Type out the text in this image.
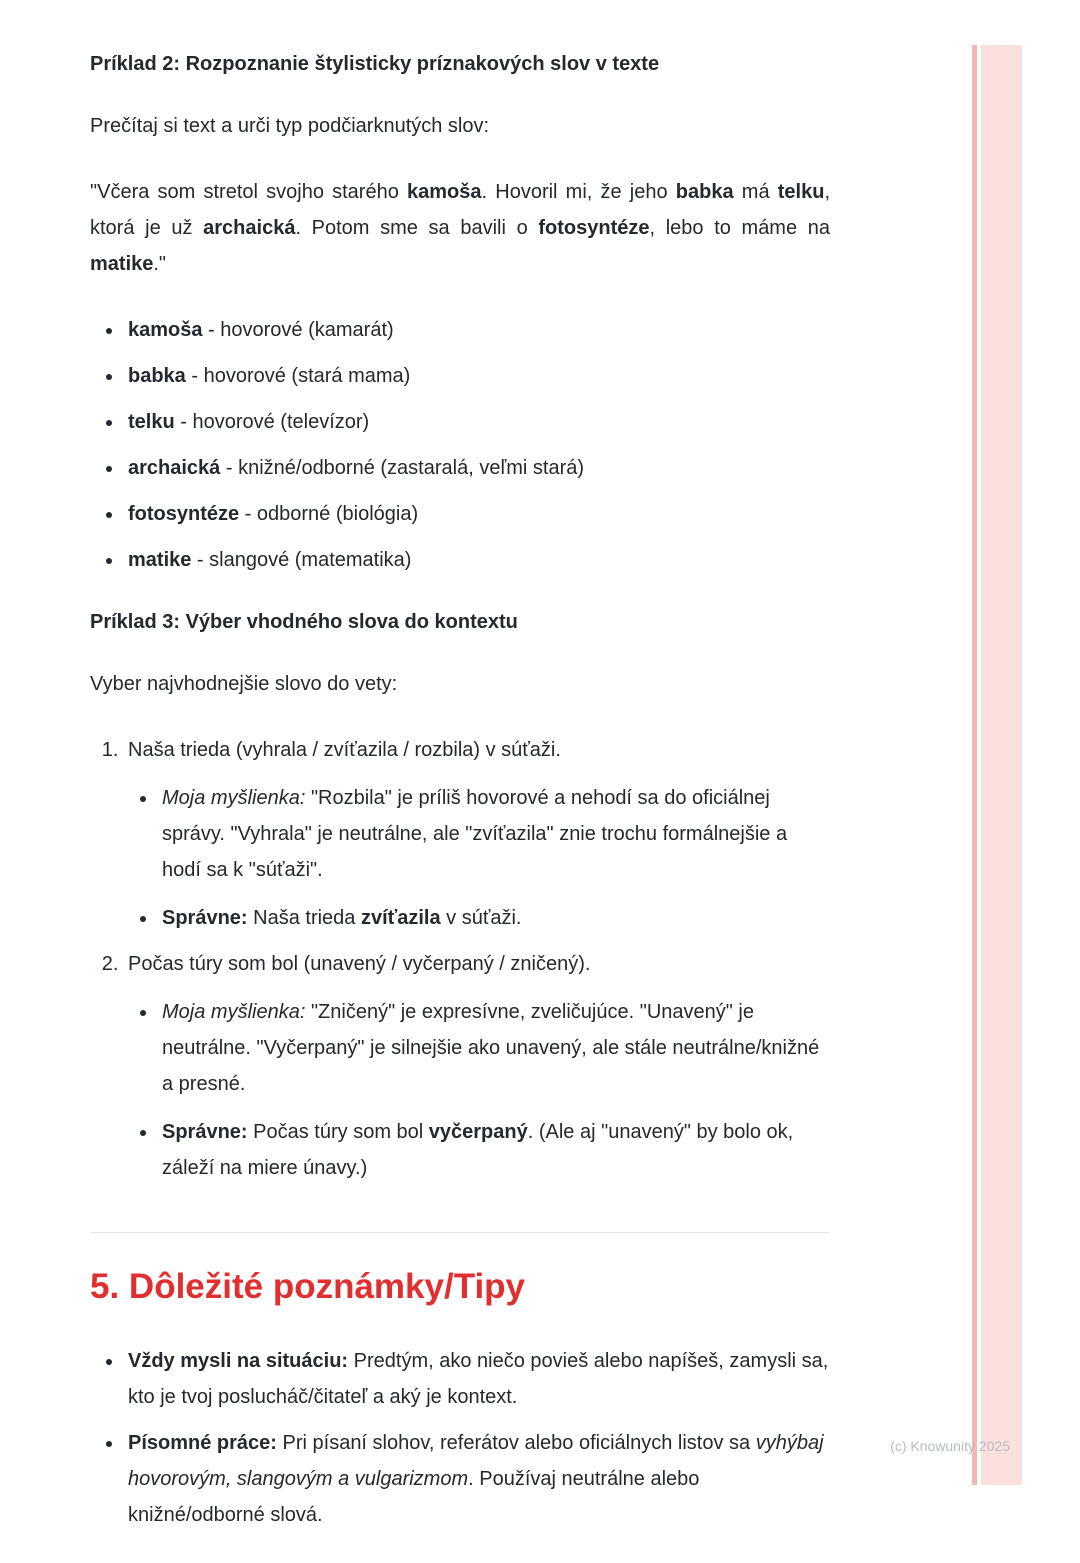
Príklad 2: Rozpoznanie štylisticky príznakových slov v texte

Prečítaj si text a urči typ podčiarknutých slov:

"Včera som stretol svojho starého kamoša. Hovoril mi, že jeho babka má telku, ktorá je už archaická. Potom sme sa bavili o fotosyntéze, lebo to máme na matike."

• kamoša - hovorové (kamarát)
• babka - hovorové (stará mama)
• telku - hovorové (televízor)
• archaická - knižné/odborné (zastaralá, veľmi stará)
• fotosyntéze - odborné (biológia)
• matike - slangové (matematika)
Príklad 3: Výber vhodného slova do kontextu

Vyber najvhodnejšie slovo do vety:

1. Naša trieda (vyhrala / zvíťazila / rozbila) v súťaži.
• Moja myšlienka: "Rozbila" je príliš hovorové a nehodí sa do oficiálnej správy. "Vyhrala" je neutrálne, ale "zvíťazila" znie trochu formálnejšie a hodí sa k "súťaži".
• Správne: Naša trieda zvíťazila v súťaži.
2. Počas túry som bol (unavený / vyčerpaný / zničený).
• Moja myšlienka: "Zničený" je expresívne, zveličujúce. "Unavený" je neutrálne. "Vyčerpaný" je silnejšie ako unavený, ale stále neutrálne/knižné a presné.
• Správne: Počas túry som bol vyčerpaný. (Ale aj "unavený" by bolo ok, záleží na miere únavy.)
5. Dôležité poznámky/Tipy
• Vždy mysli na situáciu: Predtým, ako niečo povieš alebo napíšeš, zamysli sa, kto je tvoj poslucháč/čitateľ a aký je kontext.
• Písomné práce: Pri písaní slohov, referátov alebo oficiálnych listov sa vyhýbaj hovorovým, slangovým a vulgarizmom. Používaj neutrálne alebo knižné/odborné slová.
(c) Knowunity 2025
